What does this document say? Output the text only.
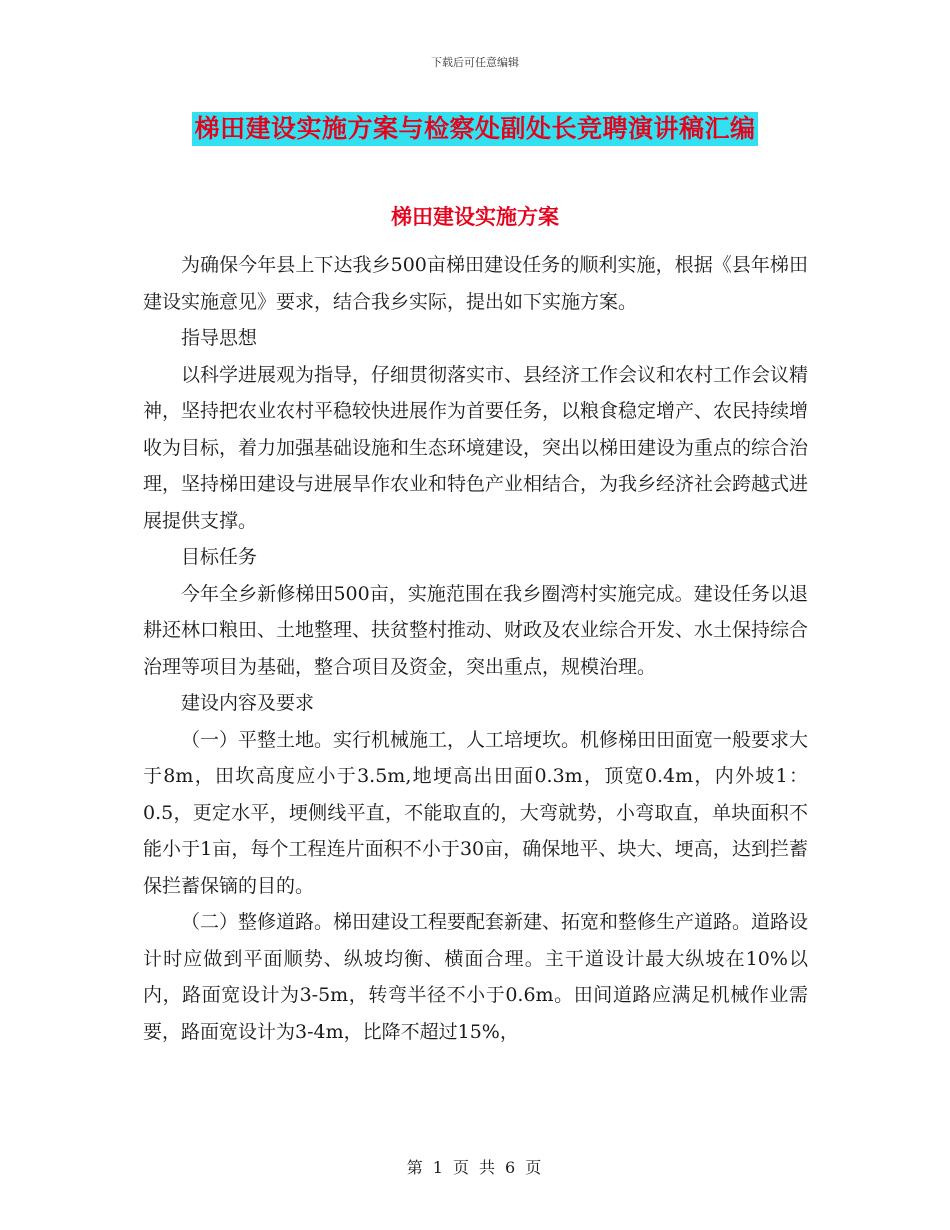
下载后可任意编辑
梯田建设实施方案与检察处副处长竞聘演讲稿汇编
梯田建设实施方案

为确保今年县上下达我乡500亩梯田建设任务的顺利实施，根据《县年梯田建设实施意见》要求，结合我乡实际，提出如下实施方案。

指导思想

以科学进展观为指导，仔细贯彻落实市、县经济工作会议和农村工作会议精神，坚持把农业农村平稳较快进展作为首要任务，以粮食稳定增产、农民持续增收为目标，着力加强基础设施和生态环境建设，突出以梯田建设为重点的综合治理，坚持梯田建设与进展旱作农业和特色产业相结合，为我乡经济社会跨越式进展提供支撑。

目标任务

今年全乡新修梯田500亩，实施范围在我乡圈湾村实施完成。建设任务以退耕还林口粮田、土地整理、扶贫整村推动、财政及农业综合开发、水土保持综合治理等项目为基础，整合项目及资金，突出重点，规模治理。

建设内容及要求

（一）平整土地。实行机械施工，人工培埂坎。机修梯田田面宽一般要求大于8m，田坎高度应小于3.5m,地埂高出田面0.3m，顶宽0.4m，内外坡1：0.5，更定水平，埂侧线平直，不能取直的，大弯就势，小弯取直，单块面积不能小于1亩，每个工程连片面积不小于30亩，确保地平、块大、埂高，达到拦蓄保拦蓄保镝的目的。

（二）整修道路。梯田建设工程要配套新建、拓宽和整修生产道路。道路设计时应做到平面顺势、纵坡均衡、横面合理。主干道设计最大纵坡在10%以内，路面宽设计为3-5m，转弯半径不小于0.6m。田间道路应满足机械作业需要，路面宽设计为3-4m，比降不超过15%，

第 1 页 共 6 页
